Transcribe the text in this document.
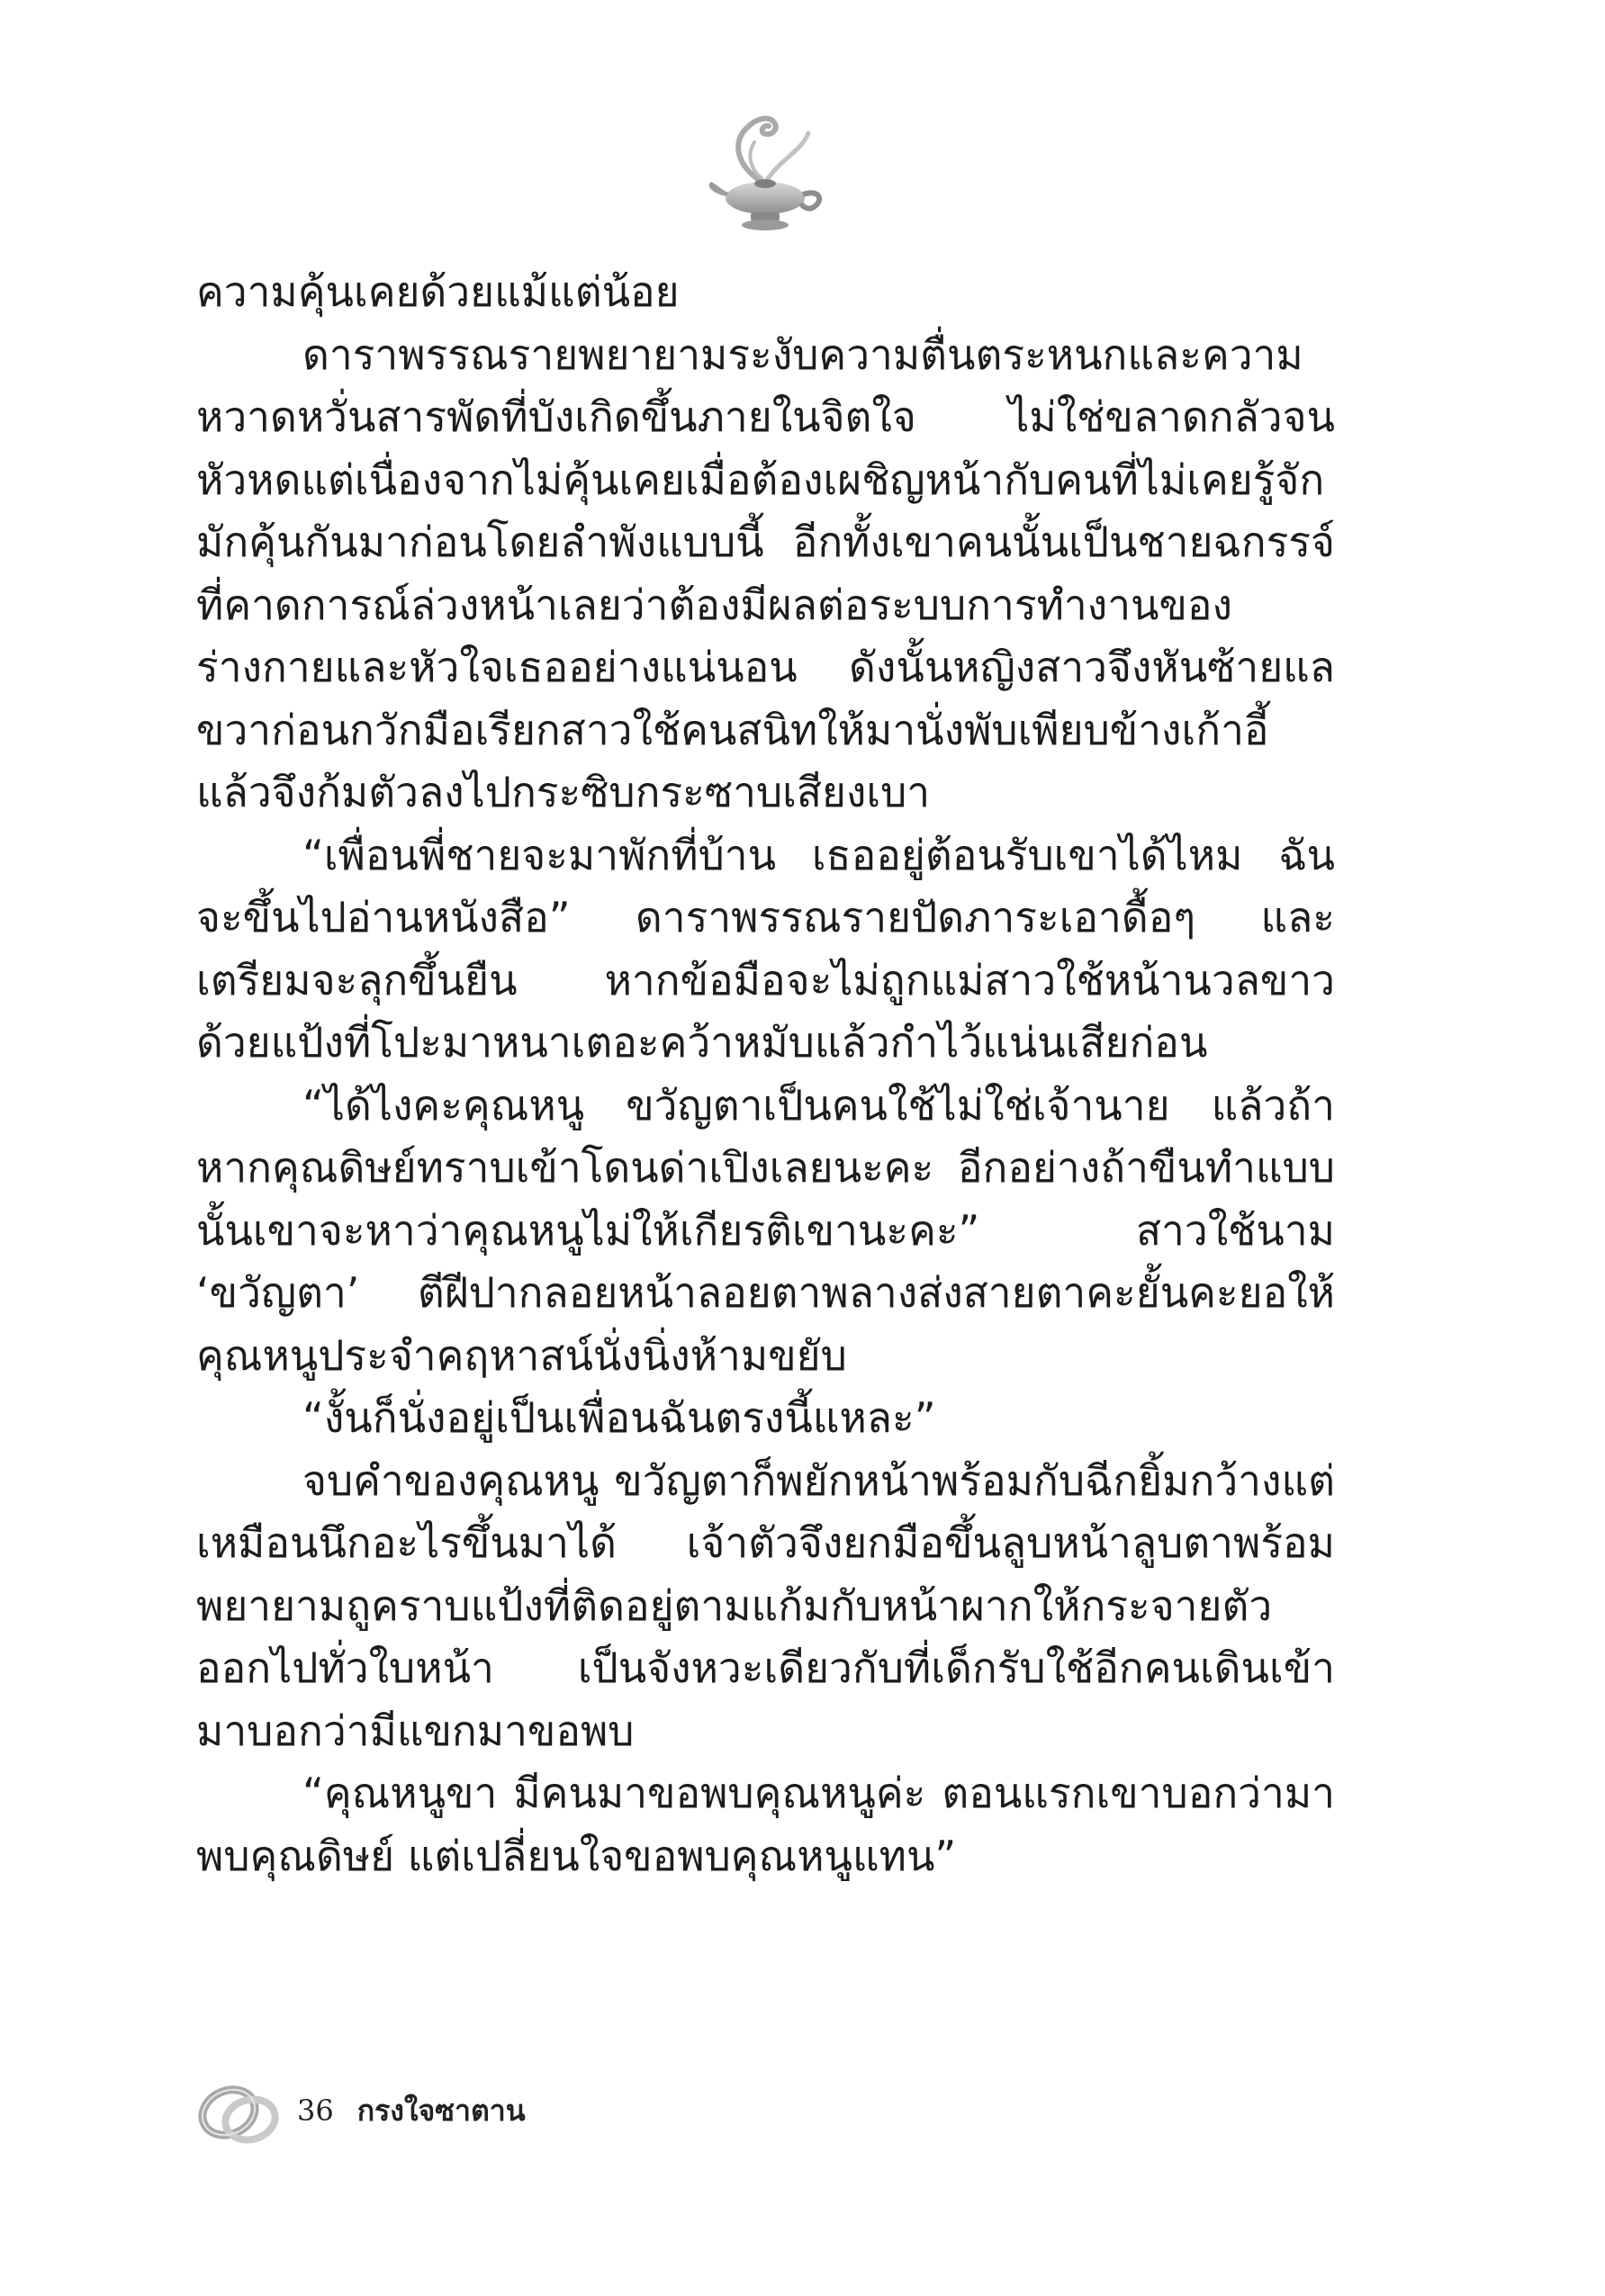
ความคุ้นเคยด้วยแม้แต่น้อย

ดาราพรรณรายพยายามระงับความตื่นตระหนกและความหวาดหวั่นสารพัดที่บังเกิดขึ้นภายในจิตใจ ไม่ใช่ขลาดกลัวจนหัวหดแต่เนื่องจากไม่คุ้นเคยเมื่อต้องเผชิญหน้ากับคนที่ไม่เคยรู้จักมักคุ้นกันมาก่อนโดยลำพังแบบนี้ อีกทั้งเขาคนนั้นเป็นชายฉกรรจ์ที่คาดการณ์ล่วงหน้าเลยว่าต้องมีผลต่อระบบการทำงานของร่างกายและหัวใจเธออย่างแน่นอน ดังนั้นหญิงสาวจึงหันซ้ายแลขวาก่อนกวักมือเรียกสาวใช้คนสนิทให้มานั่งพับเพียบข้างเก้าอี้ แล้วจึงก้มตัวลงไปกระซิบกระซาบเสียงเบา

“เพื่อนพี่ชายจะมาพักที่บ้าน เธออยู่ต้อนรับเขาได้ไหม ฉันจะขึ้นไปอ่านหนังสือ” ดาราพรรณรายปัดภาระเอาดื้อๆ และเตรียมจะลุกขึ้นยืน หากข้อมือจะไม่ถูกแม่สาวใช้หน้านวลขาวด้วยแป้งที่โปะมาหนาเตอะคว้าหมับแล้วกำไว้แน่นเสียก่อน

“ได้ไงคะคุณหนู ขวัญตาเป็นคนใช้ไม่ใช่เจ้านาย แล้วถ้าหากคุณดิษย์ทราบเข้าโดนด่าเปิงเลยนะคะ อีกอย่างถ้าขืนทำแบบนั้นเขาจะหาว่าคุณหนูไม่ให้เกียรติเขานะคะ” สาวใช้นาม ‘ขวัญตา’ ตีฝีปากลอยหน้าลอยตาพลางส่งสายตาคะยั้นคะยอให้คุณหนูประจำคฤหาสน์นั่งนิ่งห้ามขยับ

“งั้นก็นั่งอยู่เป็นเพื่อนฉันตรงนี้แหละ”

จบคำของคุณหนู ขวัญตาก็พยักหน้าพร้อมกับฉีกยิ้มกว้างแต่เหมือนนึกอะไรขึ้นมาได้ เจ้าตัวจึงยกมือขึ้นลูบหน้าลูบตาพร้อมพยายามถูคราบแป้งที่ติดอยู่ตามแก้มกับหน้าผากให้กระจายตัวออกไปทั่วใบหน้า เป็นจังหวะเดียวกับที่เด็กรับใช้อีกคนเดินเข้ามาบอกว่ามีแขกมาขอพบ

“คุณหนูขา มีคนมาขอพบคุณหนูค่ะ ตอนแรกเขาบอกว่ามาพบคุณดิษย์ แต่เปลี่ยนใจขอพบคุณหนูแทน”

36 กรงใจซาตาน
